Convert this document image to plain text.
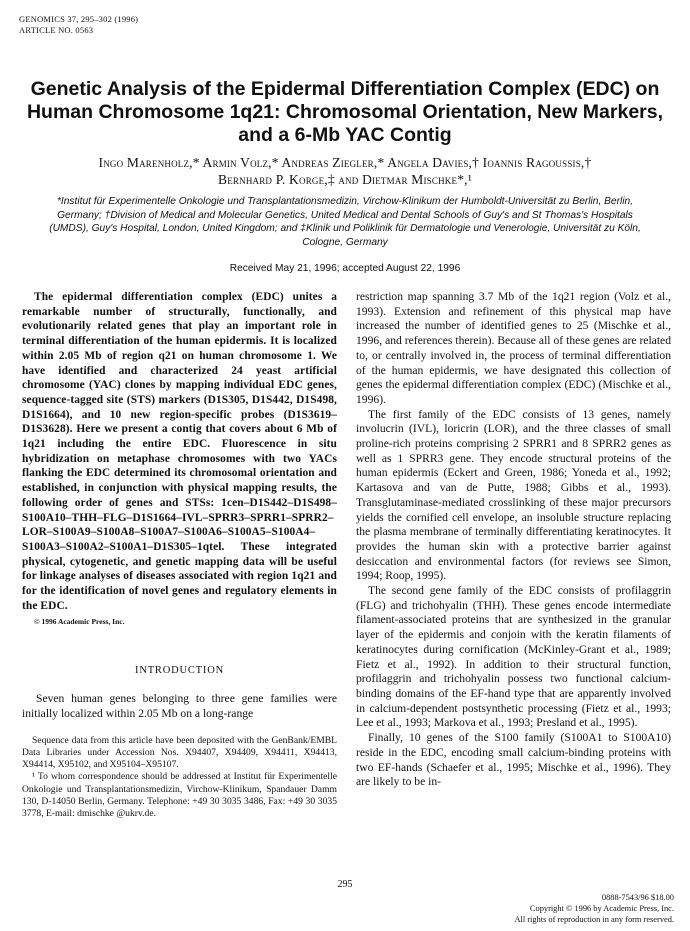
GENOMICS 37, 295–302 (1996)
ARTICLE NO. 0563
Genetic Analysis of the Epidermal Differentiation Complex (EDC) on Human Chromosome 1q21: Chromosomal Orientation, New Markers, and a 6-Mb YAC Contig
Ingo Marenholz,* Armin Volz,* Andreas Ziegler,* Angela Davies,† Ioannis Ragoussis,†
Bernhard P. Korge,‡ and Dietmar Mischke*,¹
*Institut für Experimentelle Onkologie und Transplantationsmedizin, Virchow-Klinikum der Humboldt-Universität zu Berlin, Berlin, Germany; †Division of Medical and Molecular Genetics, United Medical and Dental Schools of Guy's and St Thomas's Hospitals (UMDS), Guy's Hospital, London, United Kingdom; and ‡Klinik und Poliklinik für Dermatologie und Venerologie, Universität zu Köln, Cologne, Germany
Received May 21, 1996; accepted August 22, 1996

The epidermal differentiation complex (EDC) unites a remarkable number of structurally, functionally, and evolutionarily related genes that play an important role in terminal differentiation of the human epidermis. It is localized within 2.05 Mb of region q21 on human chromosome 1. We have identified and characterized 24 yeast artificial chromosome (YAC) clones by mapping individual EDC genes, sequence-tagged site (STS) markers (D1S305, D1S442, D1S498, D1S1664), and 10 new region-specific probes (D1S3619–D1S3628). Here we present a contig that covers about 6 Mb of 1q21 including the entire EDC. Fluorescence in situ hybridization on metaphase chromosomes with two YACs flanking the EDC determined its chromosomal orientation and established, in conjunction with physical mapping results, the following order of genes and STSs: 1cen–D1S442–D1S498–S100A10–THH–FLG–D1S1664–IVL–SPRR3–SPRR1–SPRR2–LOR–S100A9–S100A8–S100A7–S100A6–S100A5–S100A4–S100A3–S100A2–S100A1–D1S305–1qtel. These integrated physical, cytogenetic, and genetic mapping data will be useful for linkage analyses of diseases associated with region 1q21 and for the identification of novel genes and regulatory elements in the EDC.

© 1996 Academic Press, Inc.
INTRODUCTION

Seven human genes belonging to three gene families were initially localized within 2.05 Mb on a long-range

Sequence data from this article have been deposited with the GenBank/EMBL Data Libraries under Accession Nos. X94407, X94409, X94411, X94413, X94414, X95102, and X95104–X95107.

¹ To whom correspondence should be addressed at Institut für Experimentelle Onkologie und Transplantationsmedizin, Virchow-Klinikum, Spandauer Damm 130, D-14050 Berlin, Germany. Telephone: +49 30 3035 3486, Fax: +49 30 3035 3778, E-mail: dmischke @ukrv.de.

restriction map spanning 3.7 Mb of the 1q21 region (Volz et al., 1993). Extension and refinement of this physical map have increased the number of identified genes to 25 (Mischke et al., 1996, and references therein). Because all of these genes are related to, or centrally involved in, the process of terminal differentiation of the human epidermis, we have designated this collection of genes the epidermal differentiation complex (EDC) (Mischke et al., 1996).

The first family of the EDC consists of 13 genes, namely involucrin (IVL), loricrin (LOR), and the three classes of small proline-rich proteins comprising 2 SPRR1 and 8 SPRR2 genes as well as 1 SPRR3 gene. They encode structural proteins of the human epidermis (Eckert and Green, 1986; Yoneda et al., 1992; Kartasova and van de Putte, 1988; Gibbs et al., 1993). Transglutaminase-mediated crosslinking of these major precursors yields the cornified cell envelope, an insoluble structure replacing the plasma membrane of terminally differentiating keratinocytes. It provides the human skin with a protective barrier against desiccation and environmental factors (for reviews see Simon, 1994; Roop, 1995).

The second gene family of the EDC consists of profilaggrin (FLG) and trichohyalin (THH). These genes encode intermediate filament-associated proteins that are synthesized in the granular layer of the epidermis and conjoin with the keratin filaments of keratinocytes during cornification (McKinley-Grant et al., 1989; Fietz et al., 1992). In addition to their structural function, profilaggrin and trichohyalin possess two functional calcium-binding domains of the EF-hand type that are apparently involved in calcium-dependent postsynthetic processing (Fietz et al., 1993; Lee et al., 1993; Markova et al., 1993; Presland et al., 1995).

Finally, 10 genes of the S100 family (S100A1 to S100A10) reside in the EDC, encoding small calcium-binding proteins with two EF-hands (Schaefer et al., 1995; Mischke et al., 1996). They are likely to be in-

295
0888-7543/96 $18.00
Copyright © 1996 by Academic Press, Inc.
All rights of reproduction in any form reserved.
